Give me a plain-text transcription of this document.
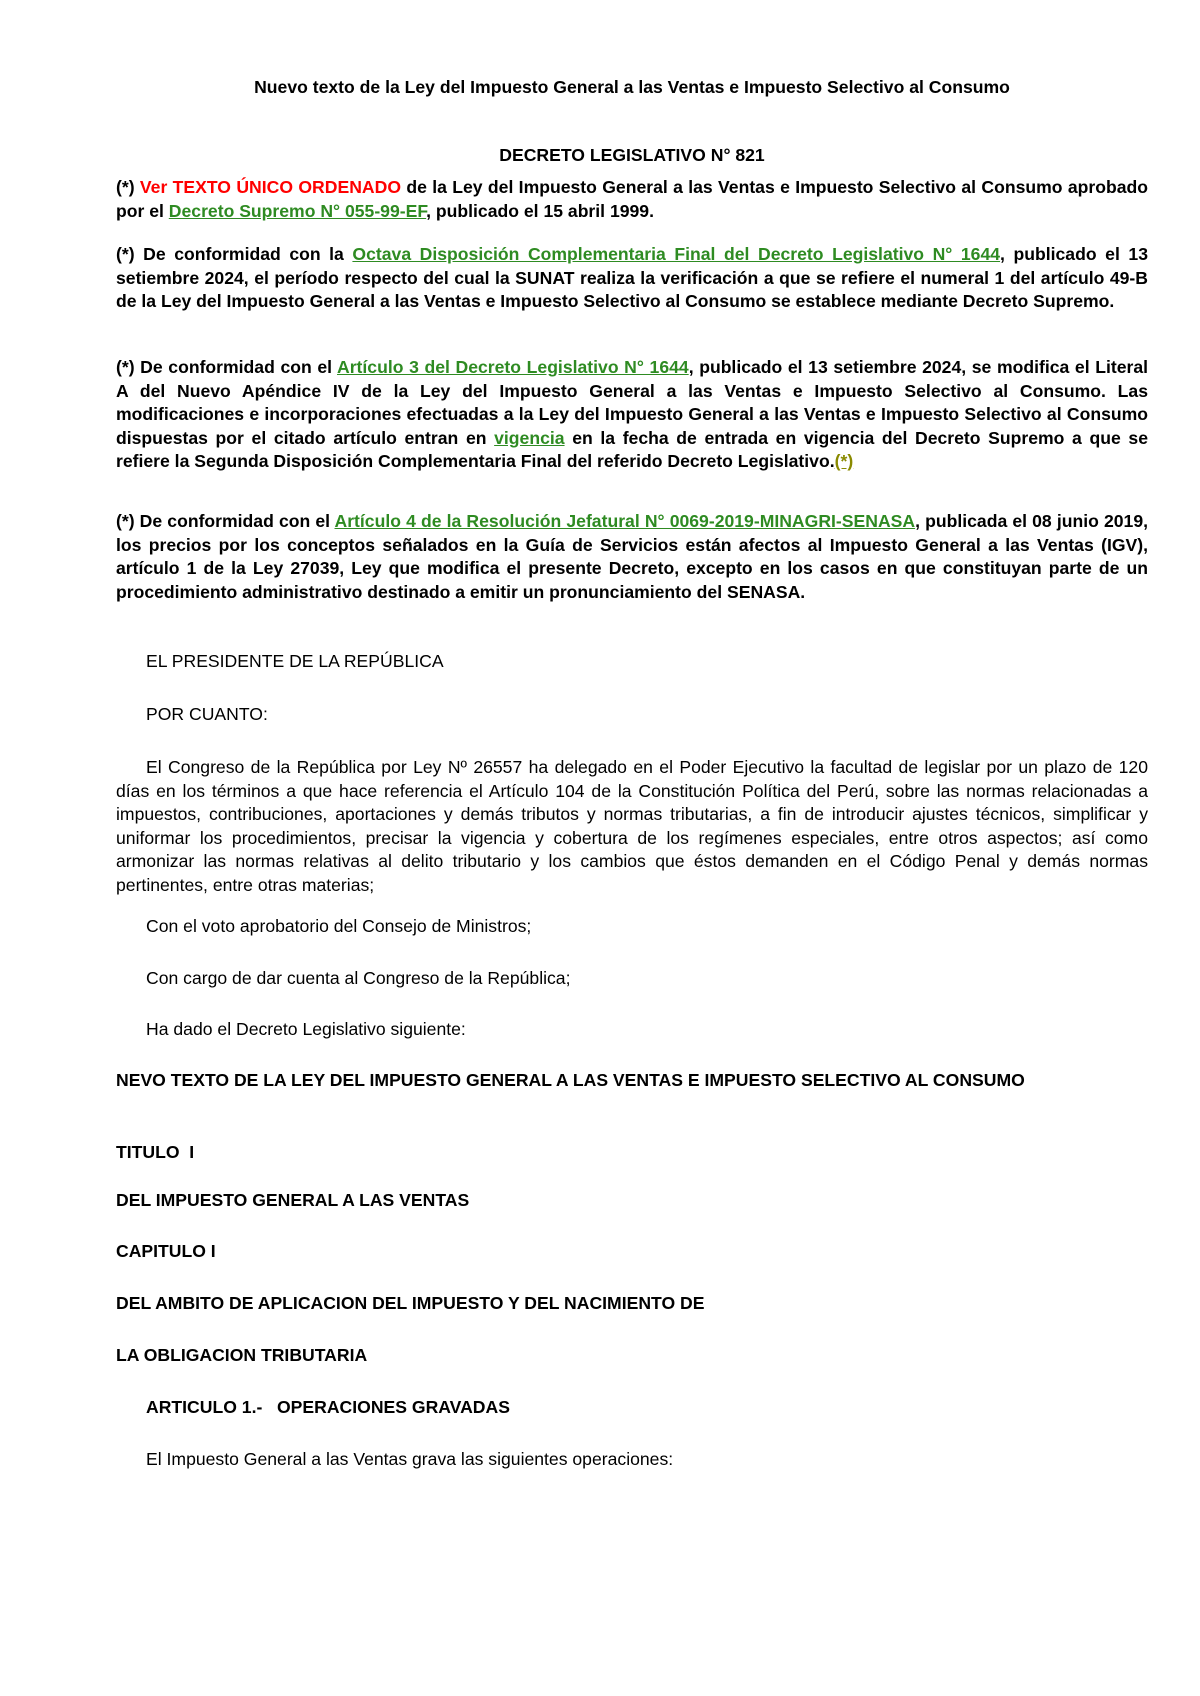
Nuevo texto de la Ley del Impuesto General a las Ventas e Impuesto Selectivo al Consumo

DECRETO LEGISLATIVO N° 821

(*) Ver TEXTO ÚNICO ORDENADO de la Ley del Impuesto General a las Ventas e Impuesto Selectivo al Consumo aprobado por el Decreto Supremo N° 055-99-EF, publicado el 15 abril 1999.

(*) De conformidad con la Octava Disposición Complementaria Final del Decreto Legislativo N° 1644, publicado el 13 setiembre 2024, el período respecto del cual la SUNAT realiza la verificación a que se refiere el numeral 1 del artículo 49-B de la Ley del Impuesto General a las Ventas e Impuesto Selectivo al Consumo se establece mediante Decreto Supremo.

(*) De conformidad con el Artículo 3 del Decreto Legislativo N° 1644, publicado el 13 setiembre 2024, se modifica el Literal A del Nuevo Apéndice IV de la Ley del Impuesto General a las Ventas e Impuesto Selectivo al Consumo. Las modificaciones e incorporaciones efectuadas a la Ley del Impuesto General a las Ventas e Impuesto Selectivo al Consumo dispuestas por el citado artículo entran en vigencia en la fecha de entrada en vigencia del Decreto Supremo a que se refiere la Segunda Disposición Complementaria Final del referido Decreto Legislativo.(*)

(*) De conformidad con el Artículo 4 de la Resolución Jefatural N° 0069-2019-MINAGRI-SENASA, publicada el 08 junio 2019, los precios por los conceptos señalados en la Guía de Servicios están afectos al Impuesto General a las Ventas (IGV), artículo 1 de la Ley 27039, Ley que modifica el presente Decreto, excepto en los casos en que constituyan parte de un procedimiento administrativo destinado a emitir un pronunciamiento del SENASA.

EL PRESIDENTE DE LA REPÚBLICA

POR CUANTO:

El Congreso de la República por Ley Nº 26557 ha delegado en el Poder Ejecutivo la facultad de legislar por un plazo de 120 días en los términos a que hace referencia el Artículo 104 de la Constitución Política del Perú, sobre las normas relacionadas a impuestos, contribuciones, aportaciones y demás tributos y normas tributarias, a fin de introducir ajustes técnicos, simplificar y uniformar los procedimientos, precisar la vigencia y cobertura de los regímenes especiales, entre otros aspectos; así como armonizar las normas relativas al delito tributario y los cambios que éstos demanden en el Código Penal y demás normas pertinentes, entre otras materias;

Con el voto aprobatorio del Consejo de Ministros;

Con cargo de dar cuenta al Congreso de la República;

Ha dado el Decreto Legislativo siguiente:

NEVO TEXTO DE LA LEY DEL IMPUESTO GENERAL A LAS VENTAS E IMPUESTO SELECTIVO AL CONSUMO

TITULO  I

DEL IMPUESTO GENERAL A LAS VENTAS

CAPITULO I

DEL AMBITO DE APLICACION DEL IMPUESTO Y DEL NACIMIENTO DE

LA OBLIGACION TRIBUTARIA

ARTICULO 1.-   OPERACIONES GRAVADAS

El Impuesto General a las Ventas grava las siguientes operaciones:
